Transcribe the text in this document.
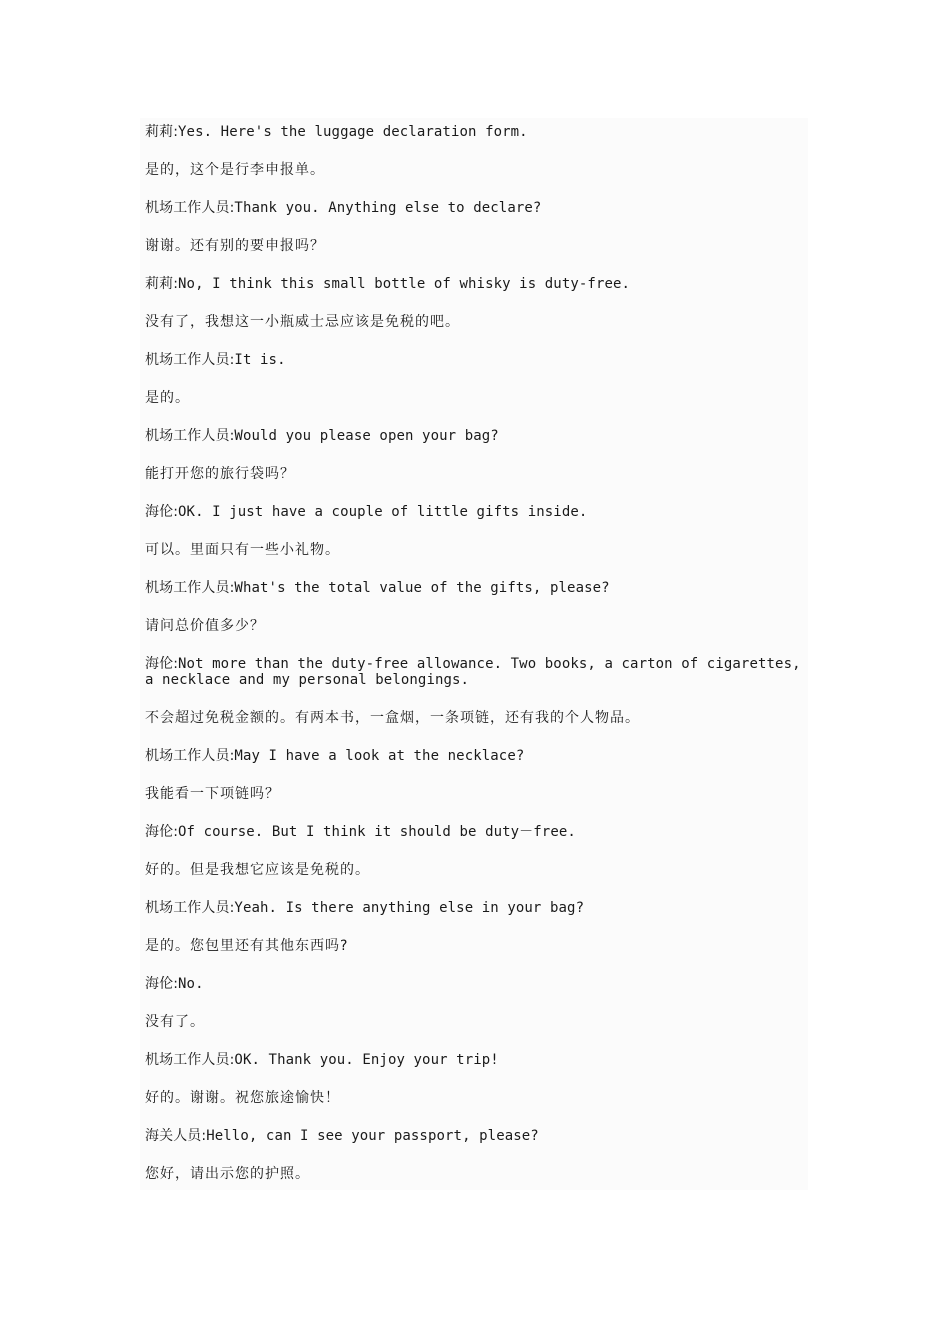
莉莉:Yes. Here's the luggage declaration form.
是的，这个是行李申报单。
机场工作人员:Thank you. Anything else to declare?
谢谢。还有别的要申报吗？
莉莉:No, I think this small bottle of whisky is duty-free.
没有了，我想这一小瓶威士忌应该是免税的吧。
机场工作人员:It is.
是的。
机场工作人员:Would you please open your bag?
能打开您的旅行袋吗？
海伦:OK. I just have a couple of little gifts inside.
可以。里面只有一些小礼物。
机场工作人员:What's the total value of the gifts, please?
请问总价值多少？
海伦:Not more than the duty-free allowance. Two books, a carton of cigarettes, a necklace and my personal belongings.
不会超过免税金额的。有两本书，一盒烟，一条项链，还有我的个人物品。
机场工作人员:May I have a look at the necklace?
我能看一下项链吗？
海伦:Of course. But I think it should be duty－free.
好的。但是我想它应该是免税的。
机场工作人员:Yeah. Is there anything else in your bag?
是的。您包里还有其他东西吗?
海伦:No.
没有了。
机场工作人员:OK. Thank you. Enjoy your trip!
好的。谢谢。祝您旅途愉快！
海关人员:Hello, can I see your passport, please?
您好，请出示您的护照。
